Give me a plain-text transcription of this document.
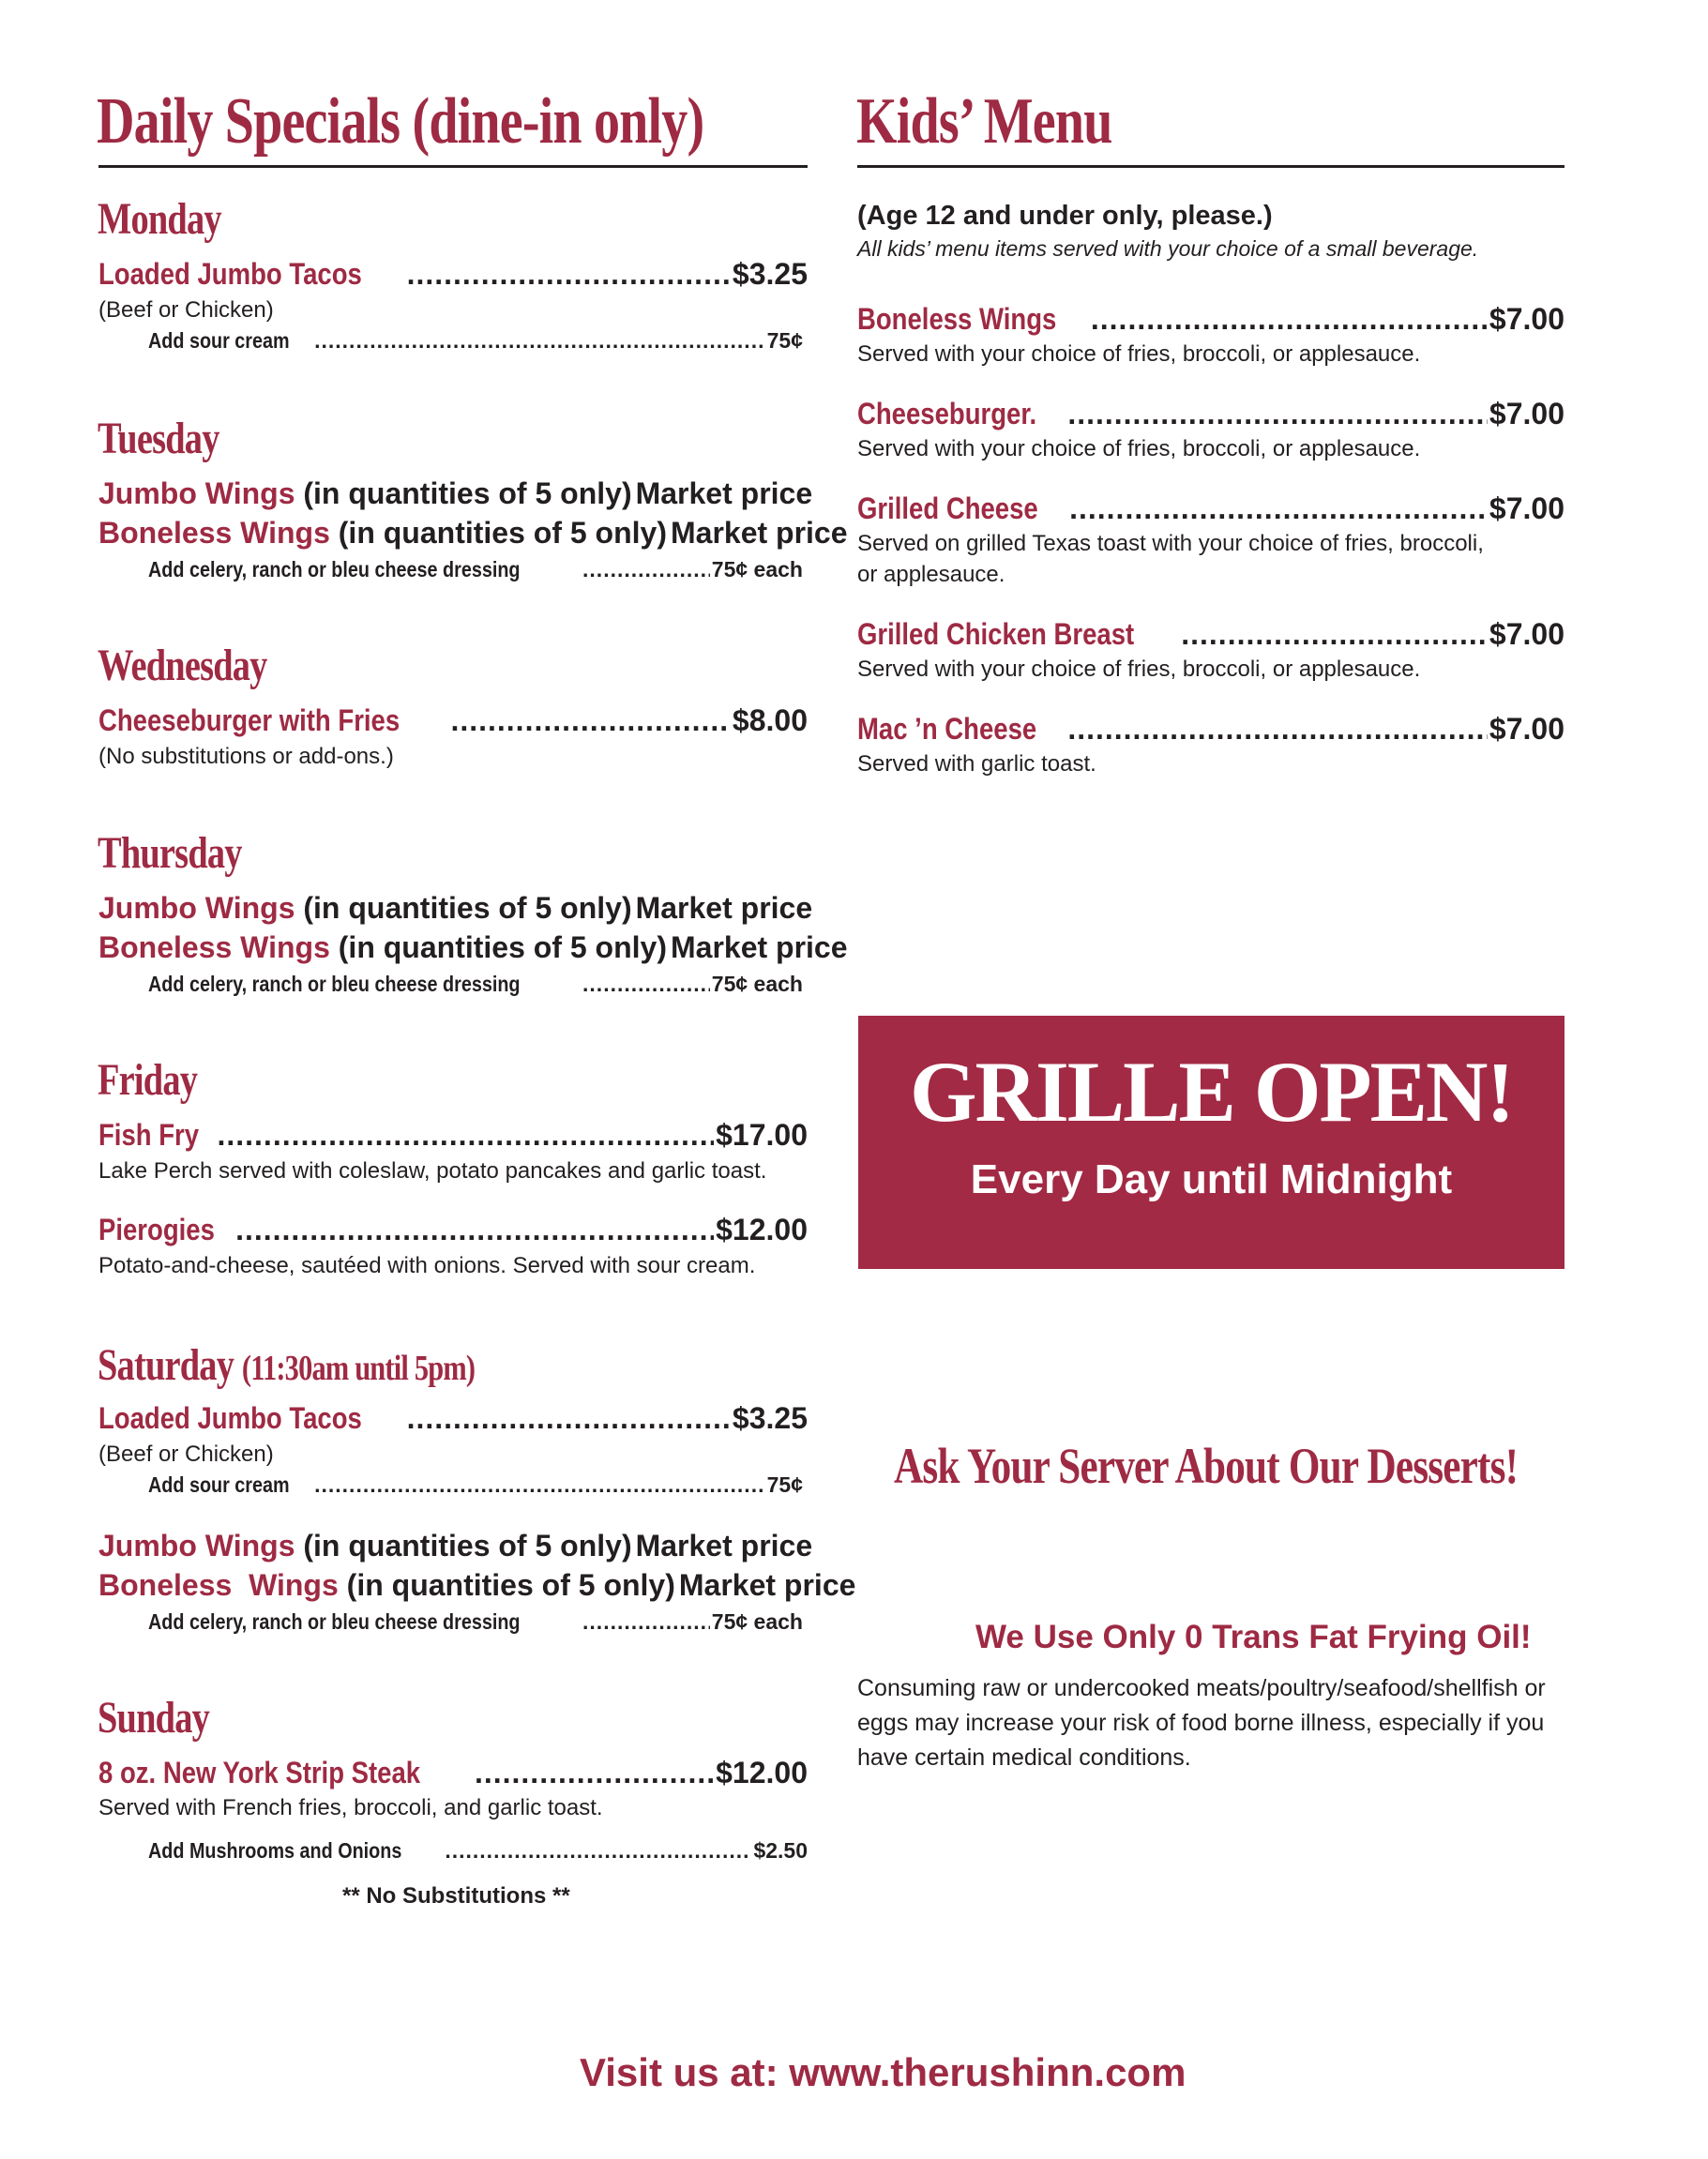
Daily Specials (dine-in only)
Monday
Loaded Jumbo Tacos .....	$3.25
(Beef or Chicken)
Add sour cream .....	75¢
Tuesday
Jumbo Wings
(in quantities of 5 only) Market price
Boneless Wings
(in quantities of 5 only) Market price
Add celery, ranch or bleu cheese dressing .....	75¢ each
Wednesday
Cheeseburger with Fries .....	$8.00
(No substitutions or add-ons.)
Thursday
Jumbo Wings
(in quantities of 5 only) Market price
Boneless Wings
(in quantities of 5 only) Market price
Add celery, ranch or bleu cheese dressing .....	75¢ each
Friday
Fish Fry .....	$17.00
Lake Perch served with coleslaw, potato pancakes and garlic toast.
Pierogies .....	$12.00
Potato-and-cheese, sautéed with onions. Served with sour cream.
Saturday (11:30am until 5pm)
Loaded Jumbo Tacos .....	$3.25
(Beef or Chicken)
Add sour cream .....	75¢
Jumbo Wings
(in quantities of 5 only) Market price
Boneless  Wings
(in quantities of 5 only) Market price
Add celery, ranch or bleu cheese dressing .....	75¢ each
Sunday
8 oz. New York Strip Steak .....	$12.00
Served with French fries, broccoli, and garlic toast.
Add Mushrooms and Onions .....	$2.50
** No Substitutions **
Kids’ Menu
(Age 12 and under only, please.)
All kids’ menu items served with your choice of a small beverage.
Boneless Wings .....	$7.00
Served with your choice of fries, broccoli, or applesauce.
Cheeseburger. .....	$7.00
Served with your choice of fries, broccoli, or applesauce.
Grilled Cheese .....	$7.00
Served on grilled Texas toast with your choice of fries, broccoli,
or applesauce.
Grilled Chicken Breast .....	$7.00
Served with your choice of fries, broccoli, or applesauce.
Mac ’n Cheese .....	$7.00
Served with garlic toast.
GRILLE OPEN!
Every Day until Midnight
Ask Your Server About Our Desserts!
We Use Only 0 Trans Fat Frying Oil!
Consuming raw or undercooked meats/poultry/seafood/shellfish or
eggs may increase your risk of food borne illness, especially if you
have certain medical conditions.
Visit us at: www.therushinn.com
